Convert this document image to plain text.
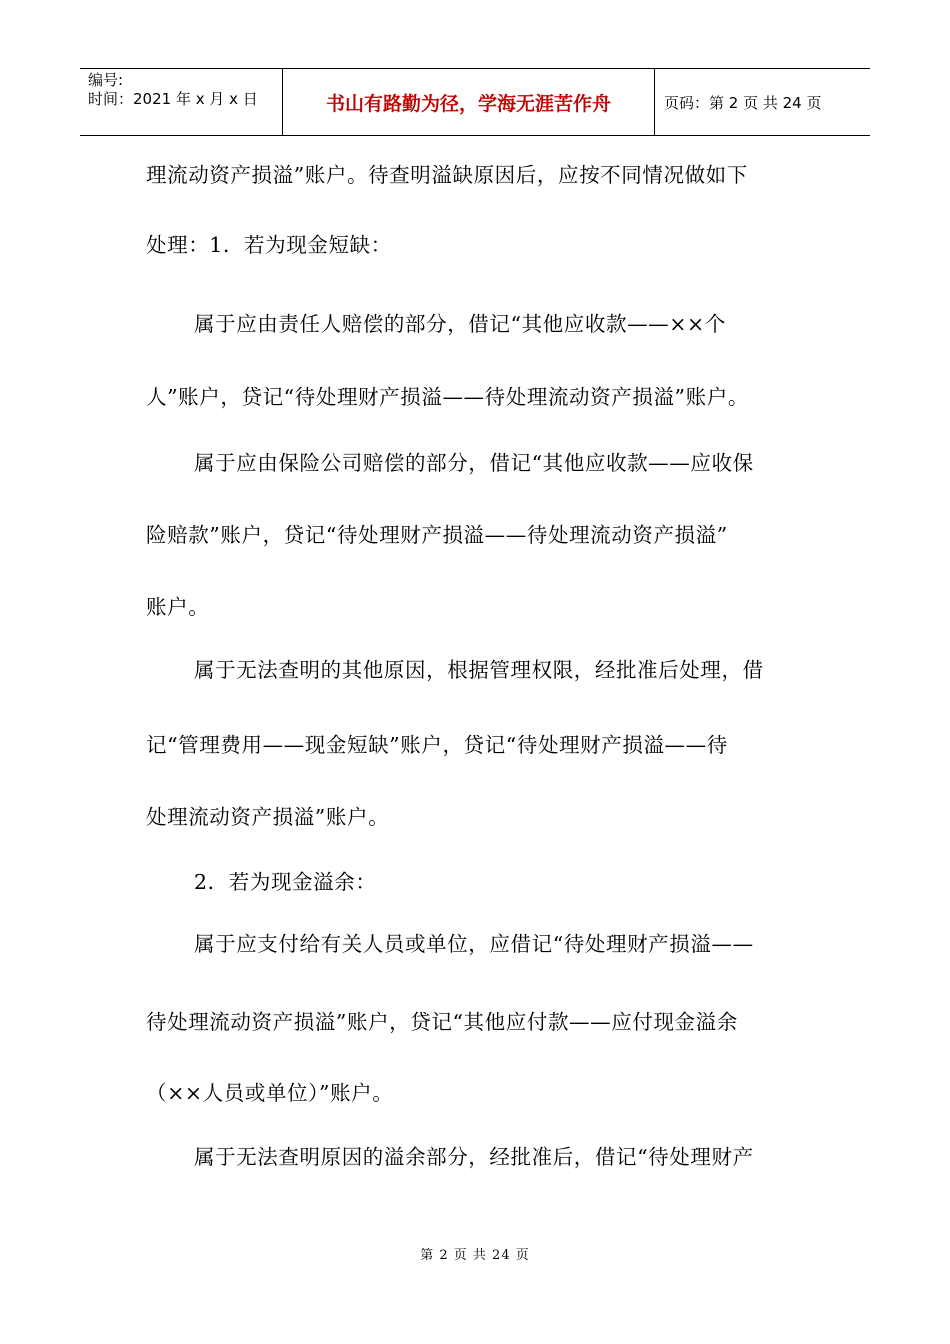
编号:
时间：2021 年 x 月 x 日	书山有路勤为径，学海无涯苦作舟	页码：第 2 页 共 24 页
理流动资产损溢”账户。待查明溢缺原因后，应按不同情况做如下
处理：1．若为现金短缺：
属于应由责任人赔偿的部分，借记“其他应收款——××个
人”账户，贷记“待处理财产损溢——待处理流动资产损溢”账户。
属于应由保险公司赔偿的部分，借记“其他应收款——应收保
险赔款”账户，贷记“待处理财产损溢——待处理流动资产损溢”
账户。
属于无法查明的其他原因，根据管理权限，经批准后处理，借
记“管理费用——现金短缺”账户，贷记“待处理财产损溢——待
处理流动资产损溢”账户。
2．若为现金溢余：
属于应支付给有关人员或单位，应借记“待处理财产损溢——
待处理流动资产损溢”账户，贷记“其他应付款——应付现金溢余
（××人员或单位）”账户。
属于无法查明原因的溢余部分，经批准后，借记“待处理财产
第 2 页 共 24 页
